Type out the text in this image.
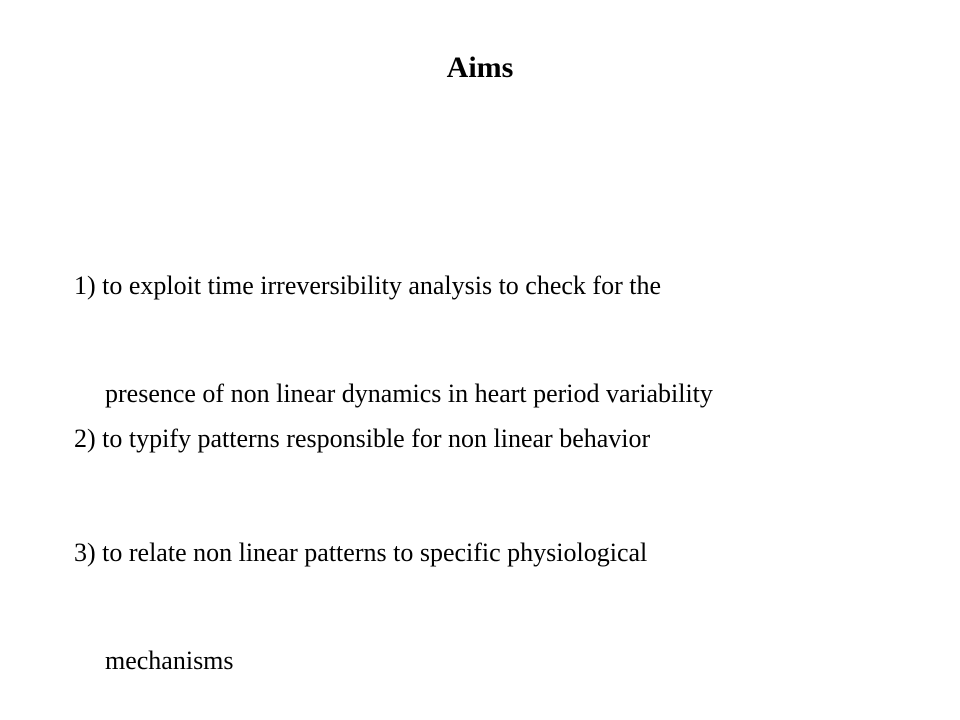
Aims

1) to exploit time irreversibility analysis to check for the

presence of non linear dynamics in heart period variability

2) to typify patterns responsible for non linear behavior

3) to relate non linear patterns to specific physiological

mechanisms
